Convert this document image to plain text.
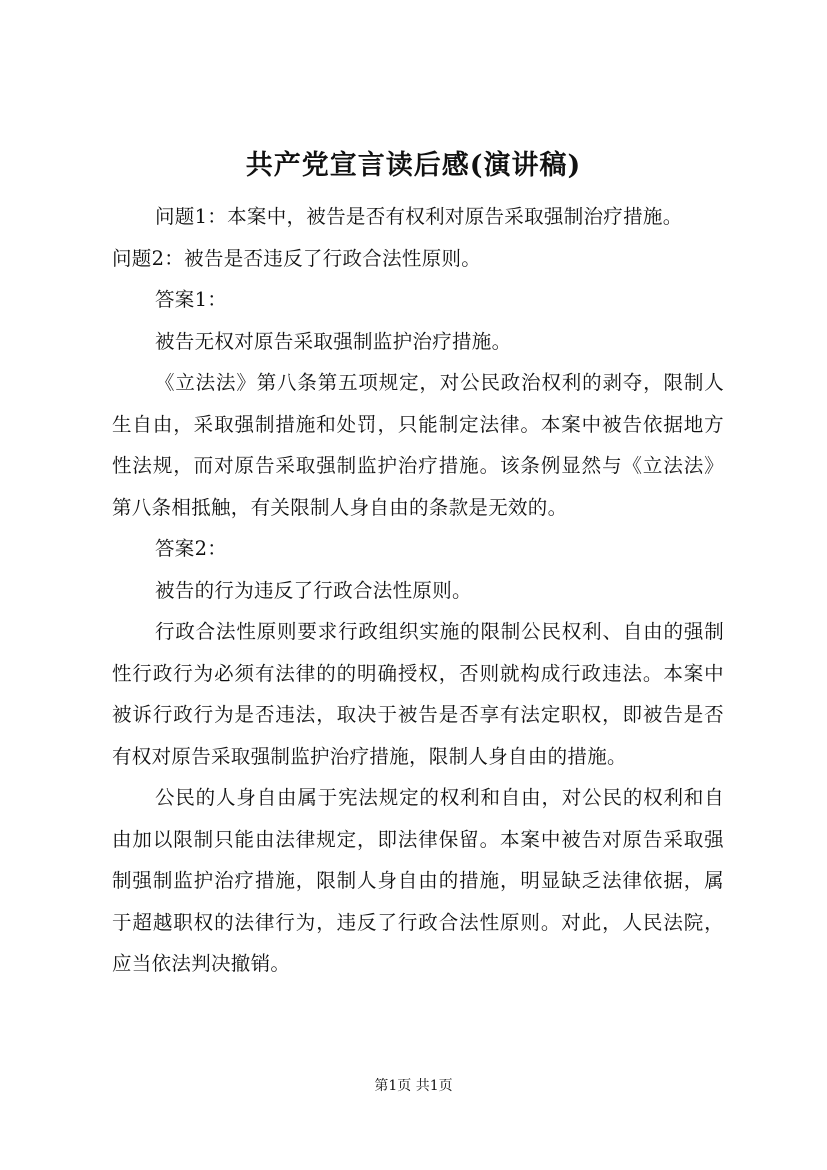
共产党宣言读后感(演讲稿)

问题1：本案中，被告是否有权利对原告采取强制治疗措施。

问题2：被告是否违反了行政合法性原则。

答案1：

被告无权对原告采取强制监护治疗措施。

《立法法》第八条第五项规定，对公民政治权利的剥夺，限制人生自由，采取强制措施和处罚，只能制定法律。本案中被告依据地方性法规，而对原告采取强制监护治疗措施。该条例显然与《立法法》第八条相抵触，有关限制人身自由的条款是无效的。

答案2：

被告的行为违反了行政合法性原则。

行政合法性原则要求行政组织实施的限制公民权利、自由的强制性行政行为必须有法律的的明确授权，否则就构成行政违法。本案中被诉行政行为是否违法，取决于被告是否享有法定职权，即被告是否有权对原告采取强制监护治疗措施，限制人身自由的措施。

公民的人身自由属于宪法规定的权利和自由，对公民的权利和自由加以限制只能由法律规定，即法律保留。本案中被告对原告采取强制强制监护治疗措施，限制人身自由的措施，明显缺乏法律依据，属于超越职权的法律行为，违反了行政合法性原则。对此，人民法院，应当依法判决撤销。

第1页 共1页
